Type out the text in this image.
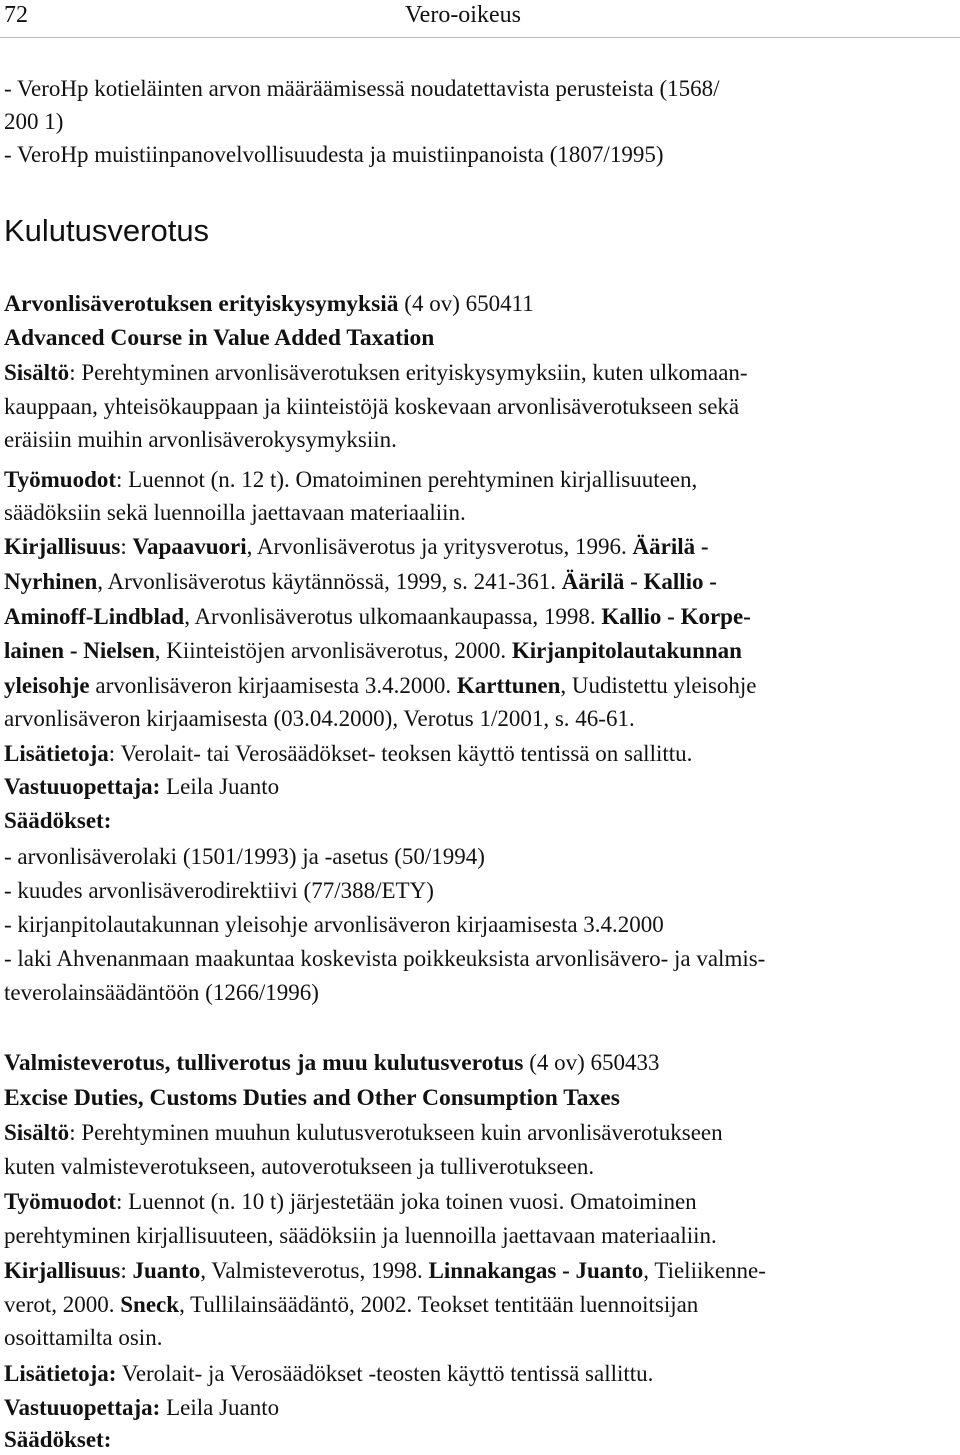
72	Vero-oikeus
- VeroHp kotieläinten arvon määräämisessä noudatettavista perusteista (1568/
200 1)
- VeroHp muistiinpanovelvollisuudesta ja muistiinpanoista (1807/1995)
Kulutusverotus
Arvonlisäverotuksen erityiskysymyksiä (4 ov) 650411
Advanced Course in Value Added Taxation
Sisältö: Perehtyminen arvonlisäverotuksen erityiskysymyksiin, kuten ulkomaan-
kauppaan, yhteisökauppaan ja kiinteistöjä koskevaan arvonlisäverotukseen sekä
eräisiin muihin arvonlisäverokysymyksiin.
Työmuodot: Luennot (n. 12 t). Omatoiminen perehtyminen kirjallisuuteen,
säädöksiin sekä luennoilla jaettavaan materiaaliin.
Kirjallisuus: Vapaavuori, Arvonlisäverotus ja yritysverotus, 1996. Äärilä -
Nyrhinen, Arvonlisäverotus käytännössä, 1999, s. 241-361. Äärilä - Kallio -
Aminoff-Lindblad, Arvonlisäverotus ulkomaankaupassa, 1998. Kallio - Korpe-
lainen - Nielsen, Kiinteistöjen arvonlisäverotus, 2000. Kirjanpitolautakunnan
yleisohje arvonlisäveron kirjaamisesta 3.4.2000. Karttunen, Uudistettu yleisohje
arvonlisäveron kirjaamisesta (03.04.2000), Verotus 1/2001, s. 46-61.
Lisätietoja: Verolait- tai Verosäädökset- teoksen käyttö tentissä on sallittu.
Vastuuopettaja: Leila Juanto
Säädökset:
- arvonlisäverolaki (1501/1993) ja -asetus (50/1994)
- kuudes arvonlisäverodirektiivi (77/388/ETY)
- kirjanpitolautakunnan yleisohje arvonlisäveron kirjaamisesta 3.4.2000
- laki Ahvenanmaan maakuntaa koskevista poikkeuksista arvonlisävero- ja valmis-
teverolainsäädäntöön (1266/1996)
Valmisteverotus, tulliverotus ja muu kulutusverotus (4 ov) 650433
Excise Duties, Customs Duties and Other Consumption Taxes
Sisältö: Perehtyminen muuhun kulutusverotukseen kuin arvonlisäverotukseen
kuten valmisteverotukseen, autoverotukseen ja tulliverotukseen.
Työmuodot: Luennot (n. 10 t) järjestetään joka toinen vuosi. Omatoiminen
perehtyminen kirjallisuuteen, säädöksiin ja luennoilla jaettavaan materiaaliin.
Kirjallisuus: Juanto, Valmisteverotus, 1998. Linnakangas - Juanto, Tieliikenne-
verot, 2000. Sneck, Tullilainsäädäntö, 2002. Teokset tentitään luennoitsijan
osoittamilta osin.
Lisätietoja: Verolait- ja Verosäädökset -teosten käyttö tentissä sallittu.
Vastuuopettaja: Leila Juanto
Säädökset:
